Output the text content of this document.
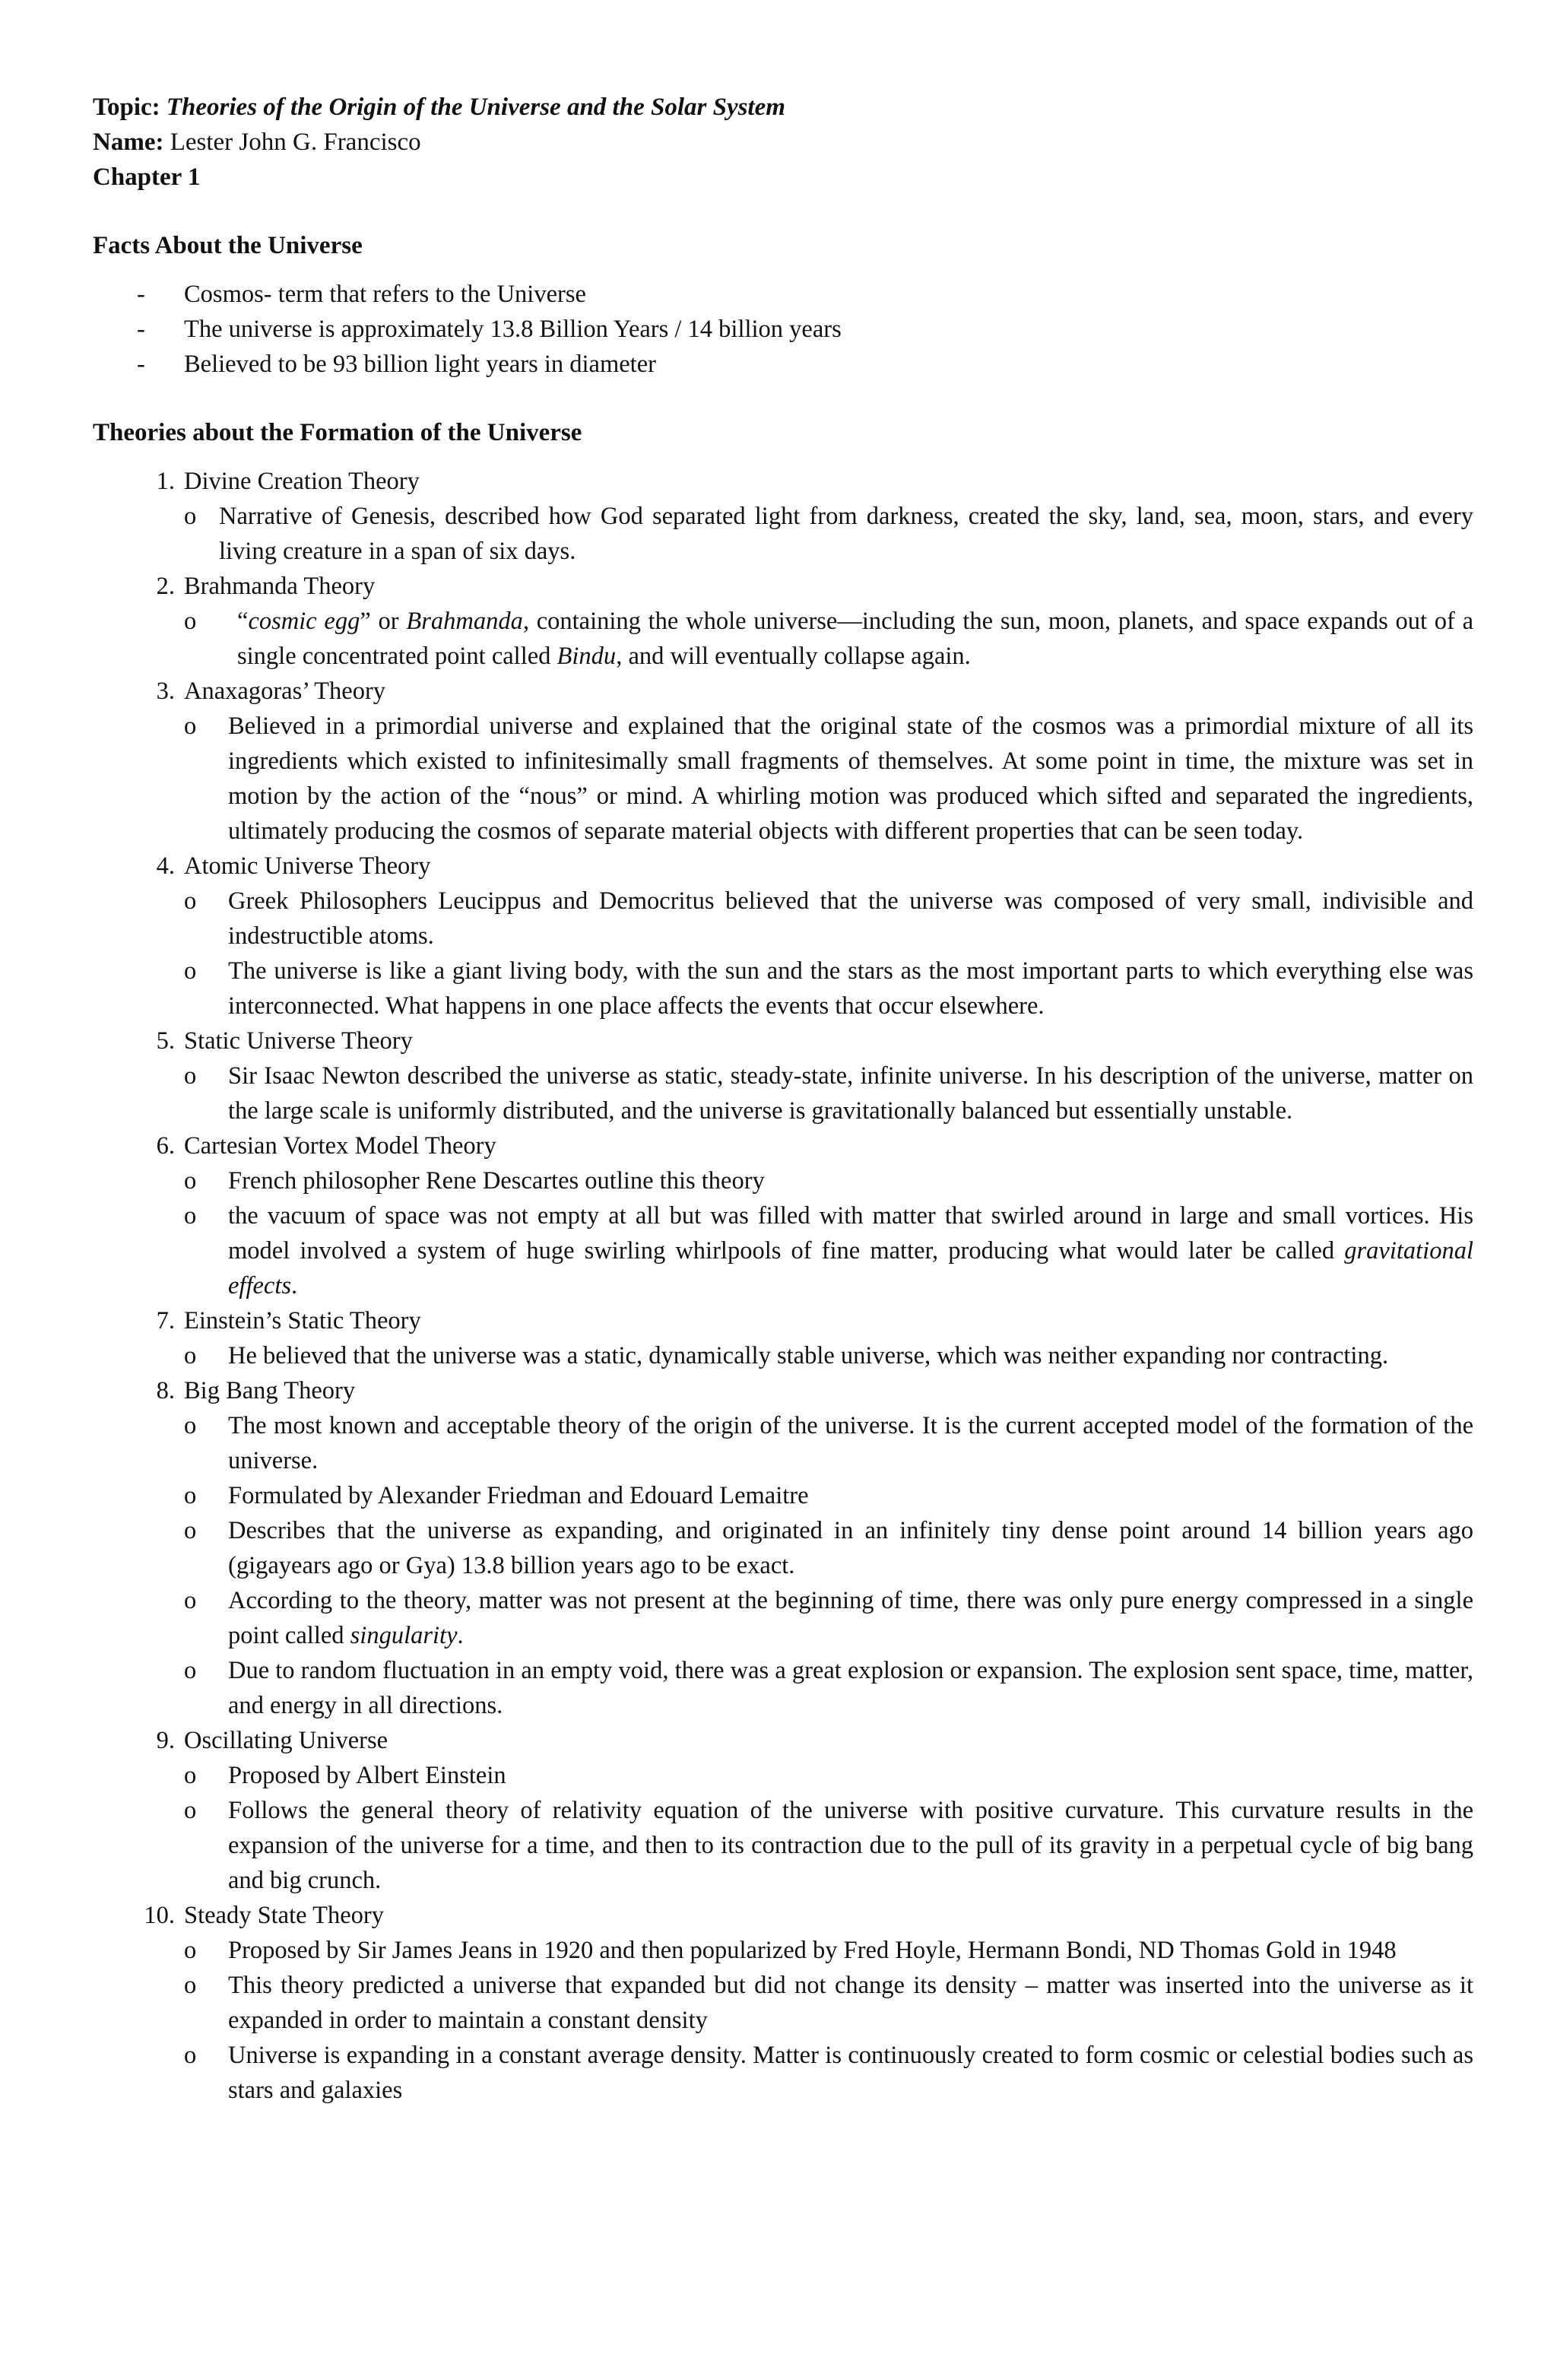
Topic: Theories of the Origin of the Universe and the Solar System
Name: Lester John G. Francisco
Chapter 1
Facts About the Universe
- Cosmos- term that refers to the Universe
- The universe is approximately 13.8 Billion Years / 14 billion years
- Believed to be 93 billion light years in diameter
Theories about the Formation of the Universe
1. Divine Creation Theory
o Narrative of Genesis, described how God separated light from darkness, created the sky, land, sea, moon, stars, and every living creature in a span of six days.
2. Brahmanda Theory
o “cosmic egg” or Brahmanda, containing the whole universe—including the sun, moon, planets, and space expands out of a single concentrated point called Bindu, and will eventually collapse again.
3. Anaxagoras’ Theory
o Believed in a primordial universe and explained that the original state of the cosmos was a primordial mixture of all its ingredients which existed to infinitesimally small fragments of themselves. At some point in time, the mixture was set in motion by the action of the “nous” or mind. A whirling motion was produced which sifted and separated the ingredients, ultimately producing the cosmos of separate material objects with different properties that can be seen today.
4. Atomic Universe Theory
o Greek Philosophers Leucippus and Democritus believed that the universe was composed of very small, indivisible and indestructible atoms.
o The universe is like a giant living body, with the sun and the stars as the most important parts to which everything else was interconnected. What happens in one place affects the events that occur elsewhere.
5. Static Universe Theory
o Sir Isaac Newton described the universe as static, steady-state, infinite universe. In his description of the universe, matter on the large scale is uniformly distributed, and the universe is gravitationally balanced but essentially unstable.
6. Cartesian Vortex Model Theory
o French philosopher Rene Descartes outline this theory
o the vacuum of space was not empty at all but was filled with matter that swirled around in large and small vortices. His model involved a system of huge swirling whirlpools of fine matter, producing what would later be called gravitational effects.
7. Einstein’s Static Theory
o He believed that the universe was a static, dynamically stable universe, which was neither expanding nor contracting.
8. Big Bang Theory
o The most known and acceptable theory of the origin of the universe. It is the current accepted model of the formation of the universe.
o Formulated by Alexander Friedman and Edouard Lemaitre
o Describes that the universe as expanding, and originated in an infinitely tiny dense point around 14 billion years ago (gigayears ago or Gya) 13.8 billion years ago to be exact.
o According to the theory, matter was not present at the beginning of time, there was only pure energy compressed in a single point called singularity.
o Due to random fluctuation in an empty void, there was a great explosion or expansion. The explosion sent space, time, matter, and energy in all directions.
9. Oscillating Universe
o Proposed by Albert Einstein
o Follows the general theory of relativity equation of the universe with positive curvature. This curvature results in the expansion of the universe for a time, and then to its contraction due to the pull of its gravity in a perpetual cycle of big bang and big crunch.
10. Steady State Theory
o Proposed by Sir James Jeans in 1920 and then popularized by Fred Hoyle, Hermann Bondi, ND Thomas Gold in 1948
o This theory predicted a universe that expanded but did not change its density – matter was inserted into the universe as it expanded in order to maintain a constant density
o Universe is expanding in a constant average density. Matter is continuously created to form cosmic or celestial bodies such as stars and galaxies
